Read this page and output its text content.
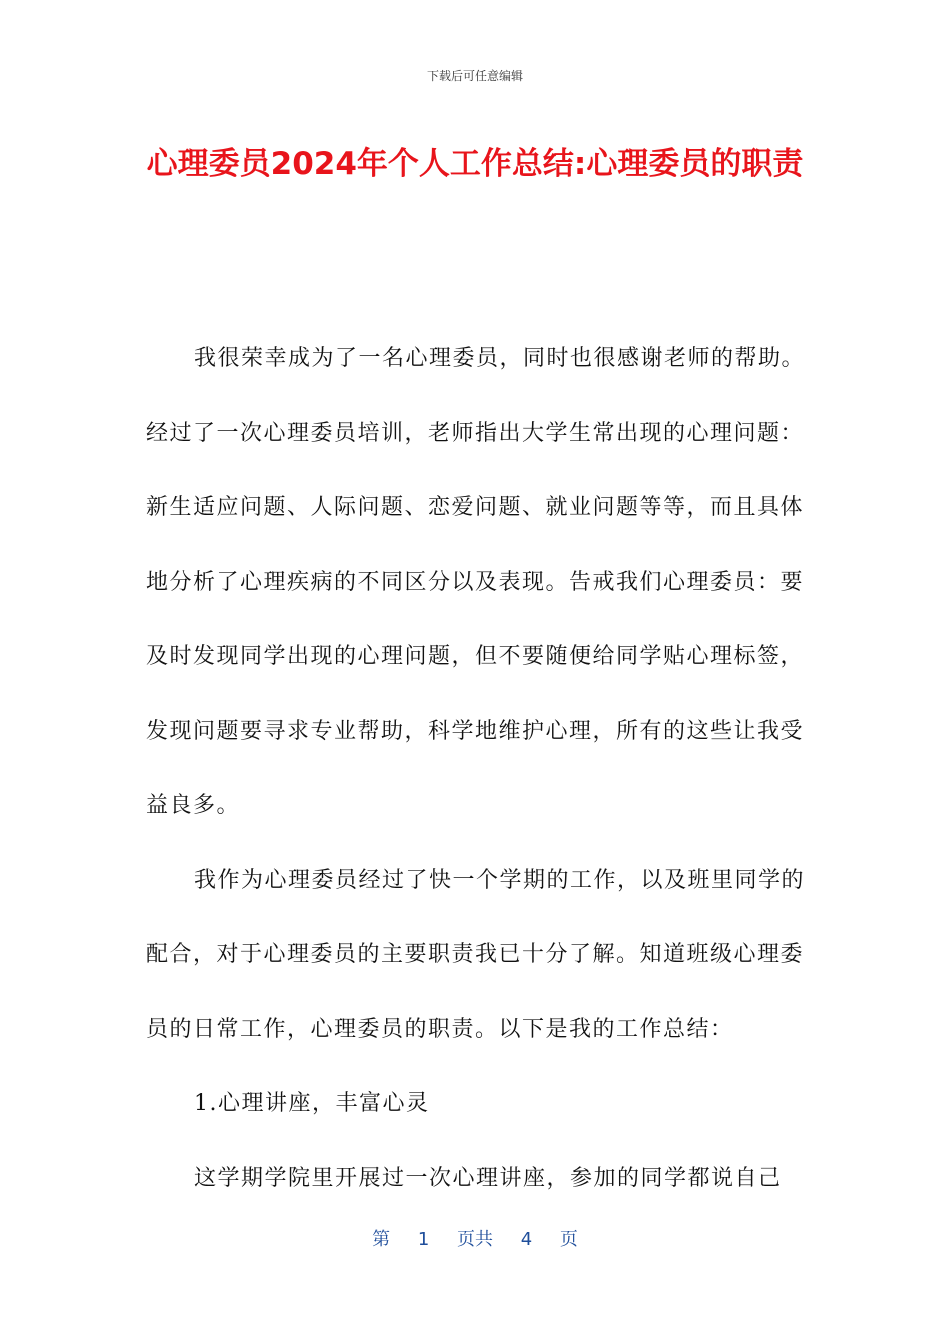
下载后可任意编辑
心理委员2024年个人工作总结:心理委员的职责

我很荣幸成为了一名心理委员，同时也很感谢老师的帮助。经过了一次心理委员培训，老师指出大学生常出现的心理问题：新生适应问题、人际问题、恋爱问题、就业问题等等，而且具体地分析了心理疾病的不同区分以及表现。告戒我们心理委员：要及时发现同学出现的心理问题，但不要随便给同学贴心理标签，发现问题要寻求专业帮助，科学地维护心理，所有的这些让我受益良多。

我作为心理委员经过了快一个学期的工作，以及班里同学的配合，对于心理委员的主要职责我已十分了解。知道班级心理委员的日常工作，心理委员的职责。以下是我的工作总结：

1.心理讲座，丰富心灵

这学期学院里开展过一次心理讲座，参加的同学都说自己

第 1 页共 4 页
